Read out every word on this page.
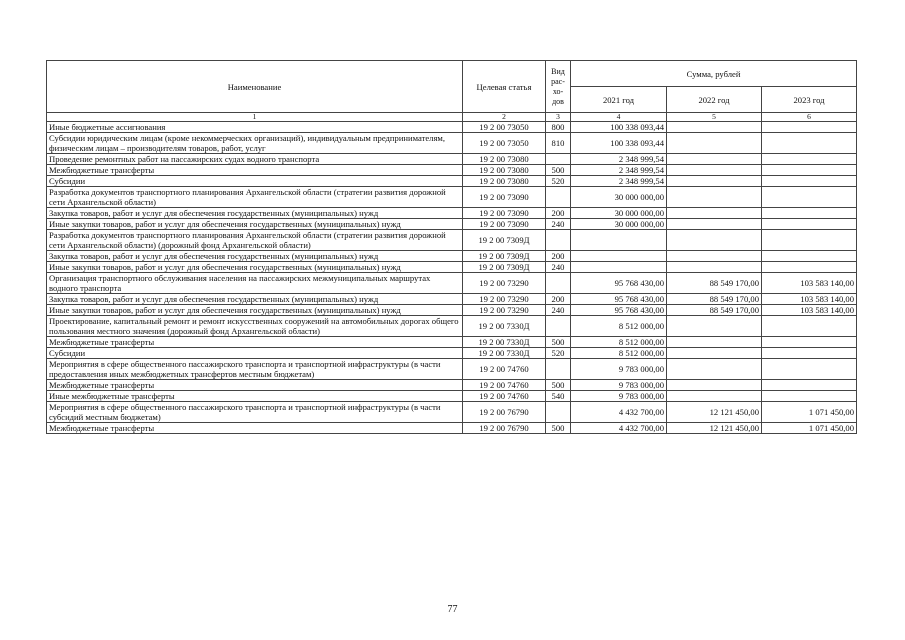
Наименование	Целевая статья	Вид рас- хо- дов	Сумма, рублей		
			2021 год	2022 год	2023 год
1	2	3	4	5	6
Иные бюджетные ассигнования	19 2 00 73050	800	100 338 093,44		
Субсидии юридическим лицам (кроме некоммерческих организаций), индивидуальным предпринимателям, физическим лицам – производителям товаров, работ, услуг	19 2 00 73050	810	100 338 093,44		
Проведение ремонтных работ на пассажирских судах водного транспорта	19 2 00 73080		2 348 999,54		
Межбюджетные трансферты	19 2 00 73080	500	2 348 999,54		
Субсидии	19 2 00 73080	520	2 348 999,54		
Разработка документов транспортного планирования Архангельской области (стратегии развития дорожной сети Архангельской области)	19 2 00 73090		30 000 000,00		
Закупка товаров, работ и услуг для обеспечения государственных (муниципальных) нужд	19 2 00 73090	200	30 000 000,00		
Иные закупки товаров, работ и услуг для обеспечения государственных (муниципальных) нужд	19 2 00 73090	240	30 000 000,00		
Разработка документов транспортного планирования Архангельской области (стратегии развития дорожной сети Архангельской области) (дорожный фонд Архангельской области)	19 2 00 7309Д				
Закупка товаров, работ и услуг для обеспечения государственных (муниципальных) нужд	19 2 00 7309Д	200			
Иные закупки товаров, работ и услуг для обеспечения государственных (муниципальных) нужд	19 2 00 7309Д	240			
Организация транспортного обслуживания населения на пассажирских межмуниципальных маршрутах водного транспорта	19 2 00 73290		95 768 430,00	88 549 170,00	103 583 140,00
Закупка товаров, работ и услуг для обеспечения государственных (муниципальных) нужд	19 2 00 73290	200	95 768 430,00	88 549 170,00	103 583 140,00
Иные закупки товаров, работ и услуг для обеспечения государственных (муниципальных) нужд	19 2 00 73290	240	95 768 430,00	88 549 170,00	103 583 140,00
Проектирование, капитальный ремонт и ремонт искусственных сооружений на автомобильных дорогах общего пользования местного значения (дорожный фонд Архангельской области)	19 2 00 7330Д		8 512 000,00		
Межбюджетные трансферты	19 2 00 7330Д	500	8 512 000,00		
Субсидии	19 2 00 7330Д	520	8 512 000,00		
Мероприятия в сфере общественного пассажирского транспорта и транспортной инфраструктуры (в части предоставления иных межбюджетных трансфертов местным бюджетам)	19 2 00 74760		9 783 000,00		
Межбюджетные трансферты	19 2 00 74760	500	9 783 000,00		
Иные межбюджетные трансферты	19 2 00 74760	540	9 783 000,00		
Мероприятия в сфере общественного пассажирского транспорта и транспортной инфраструктуры (в части субсидий местным бюджетам)	19 2 00 76790		4 432 700,00	12 121 450,00	1 071 450,00
Межбюджетные трансферты	19 2 00 76790	500	4 432 700,00	12 121 450,00	1 071 450,00
77
